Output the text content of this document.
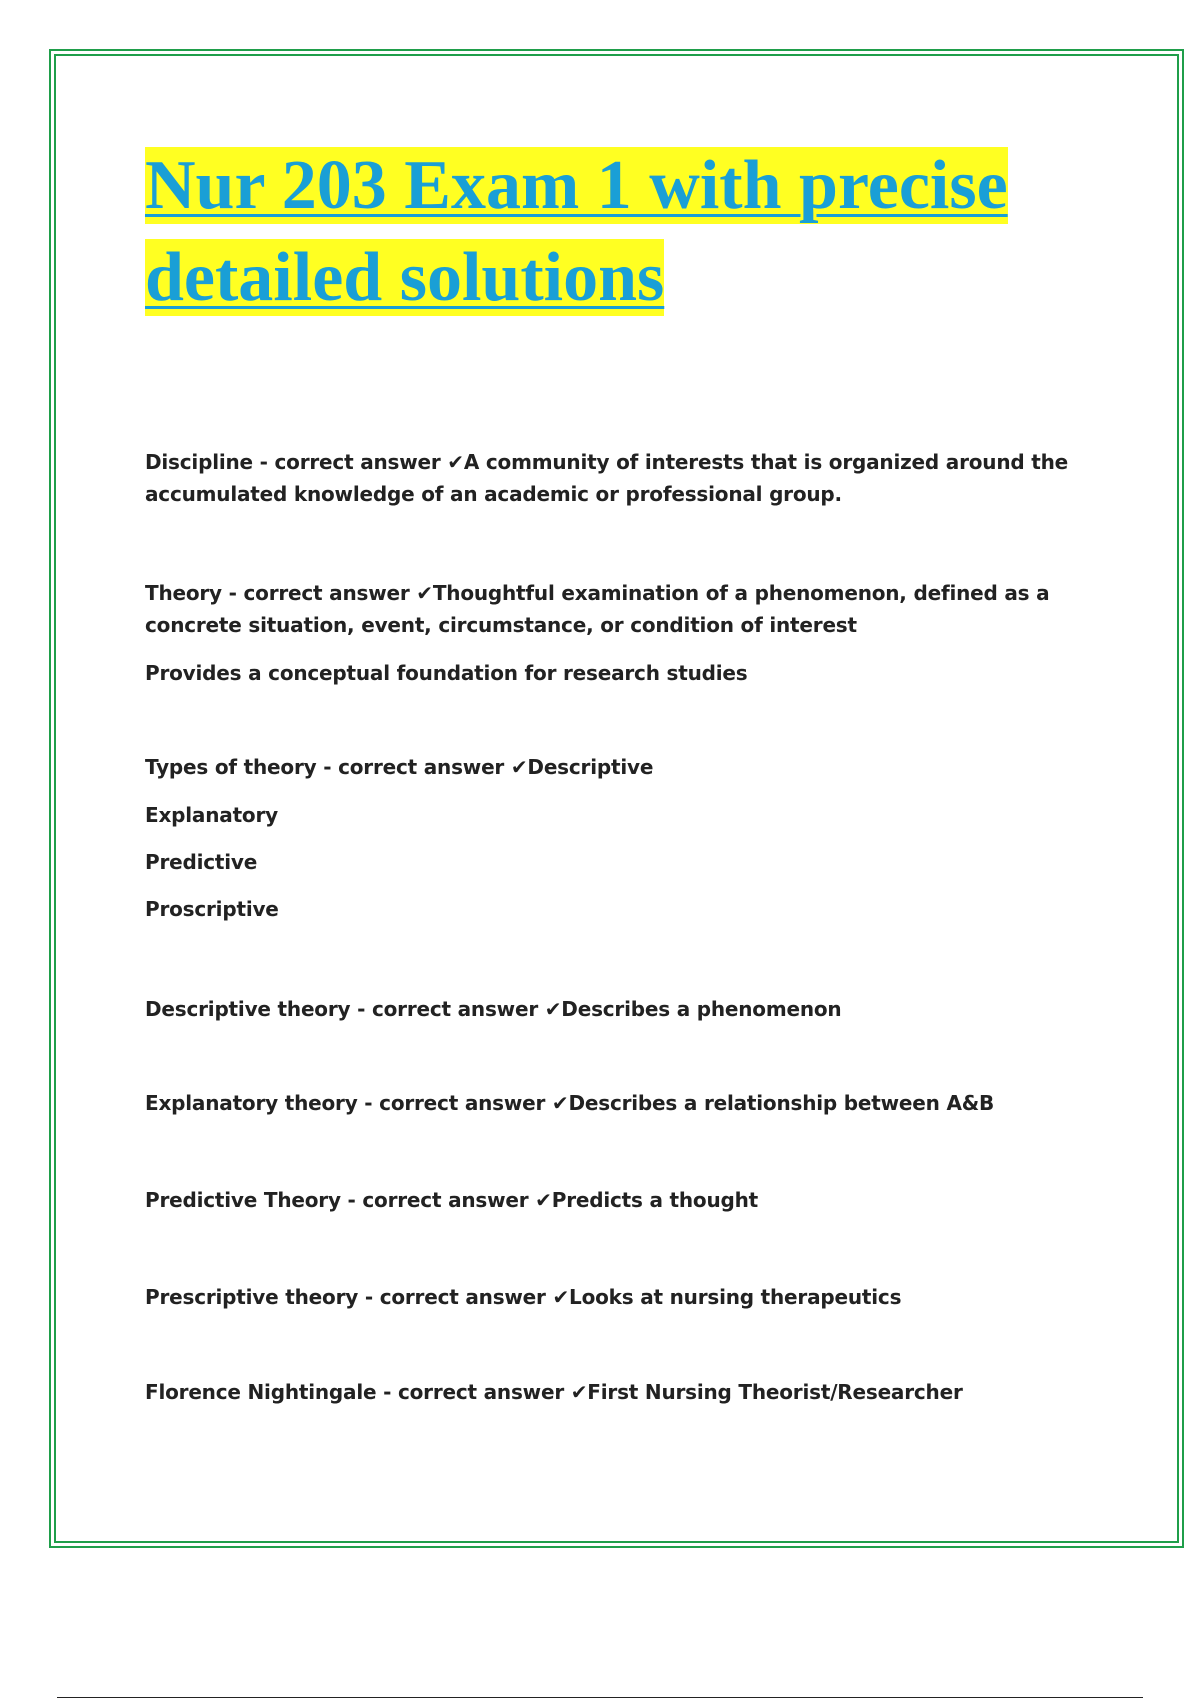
Nur 203 Exam 1 with precise
detailed solutions

Discipline - correct answer ✔A community of interests that is organized around the accumulated knowledge of an academic or professional group.

Theory - correct answer ✔Thoughtful examination of a phenomenon, defined as a concrete situation, event, circumstance, or condition of interest

Provides a conceptual foundation for research studies

Types of theory - correct answer ✔Descriptive

Explanatory

Predictive

Proscriptive

Descriptive theory - correct answer ✔Describes a phenomenon

Explanatory theory - correct answer ✔Describes a relationship between A&B

Predictive Theory - correct answer ✔Predicts a thought

Prescriptive theory - correct answer ✔Looks at nursing therapeutics

Florence Nightingale - correct answer ✔First Nursing Theorist/Researcher
